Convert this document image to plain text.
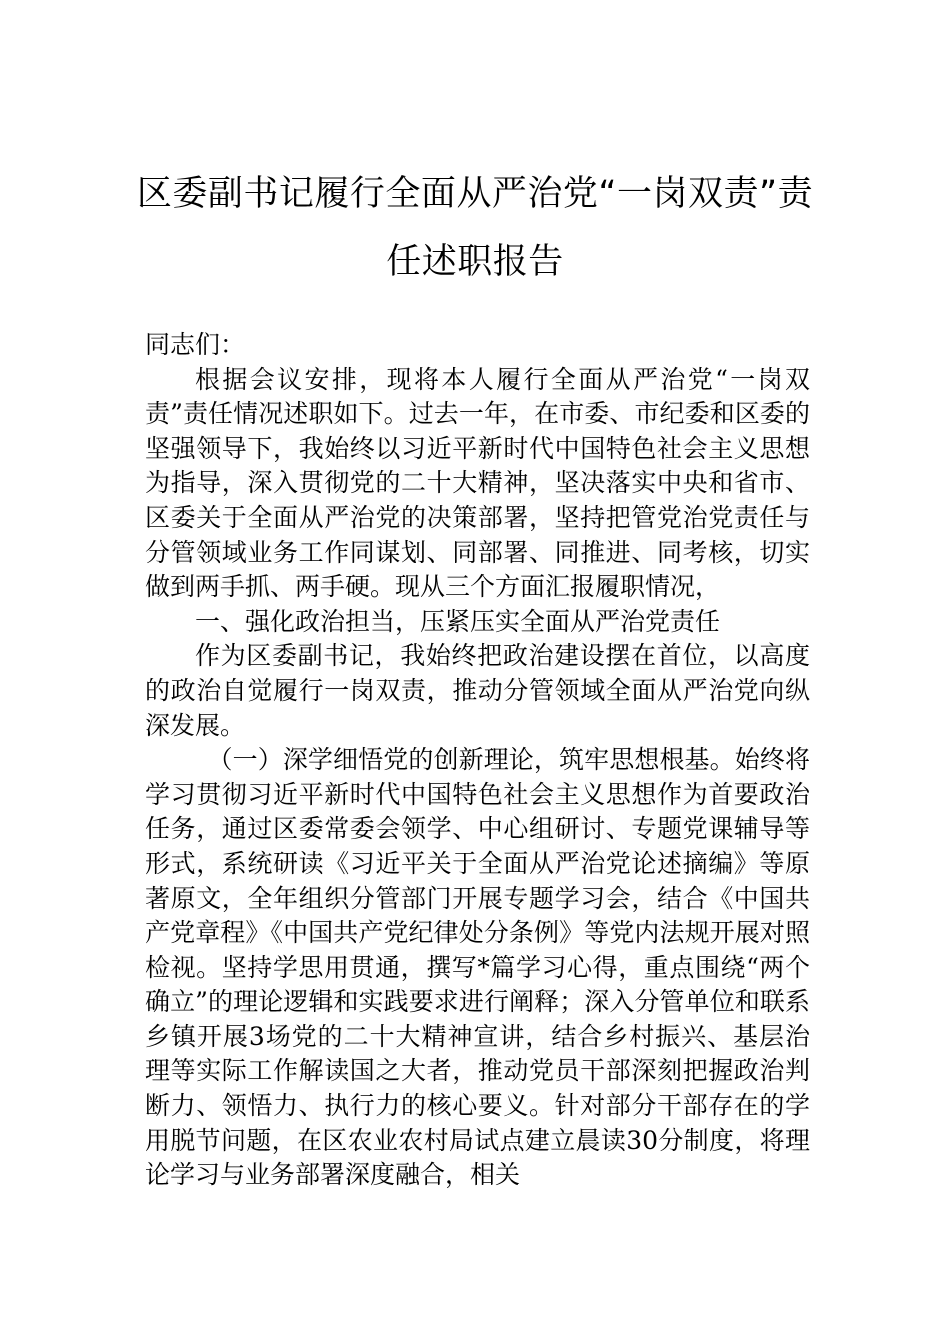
区委副书记履行全面从严治党“一岗双责”责
任述职报告

同志们：

根据会议安排，现将本人履行全面从严治党“一岗双责”责任情况述职如下。过去一年，在市委、市纪委和区委的坚强领导下，我始终以习近平新时代中国特色社会主义思想为指导，深入贯彻党的二十大精神，坚决落实中央和省市、区委关于全面从严治党的决策部署，坚持把管党治党责任与分管领域业务工作同谋划、同部署、同推进、同考核，切实做到两手抓、两手硬。现从三个方面汇报履职情况，

一、强化政治担当，压紧压实全面从严治党责任

作为区委副书记，我始终把政治建设摆在首位，以高度的政治自觉履行一岗双责，推动分管领域全面从严治党向纵深发展。

（一）深学细悟党的创新理论，筑牢思想根基。始终将学习贯彻习近平新时代中国特色社会主义思想作为首要政治任务，通过区委常委会领学、中心组研讨、专题党课辅导等形式，系统研读《习近平关于全面从严治党论述摘编》等原著原文，全年组织分管部门开展专题学习会，结合《中国共产党章程》《中国共产党纪律处分条例》等党内法规开展对照检视。坚持学思用贯通，撰写*篇学习心得，重点围绕“两个确立”的理论逻辑和实践要求进行阐释；深入分管单位和联系乡镇开展3场党的二十大精神宣讲，结合乡村振兴、基层治理等实际工作解读国之大者，推动党员干部深刻把握政治判断力、领悟力、执行力的核心要义。针对部分干部存在的学用脱节问题，在区农业农村局试点建立晨读30分制度，将理论学习与业务部署深度融合，相关
